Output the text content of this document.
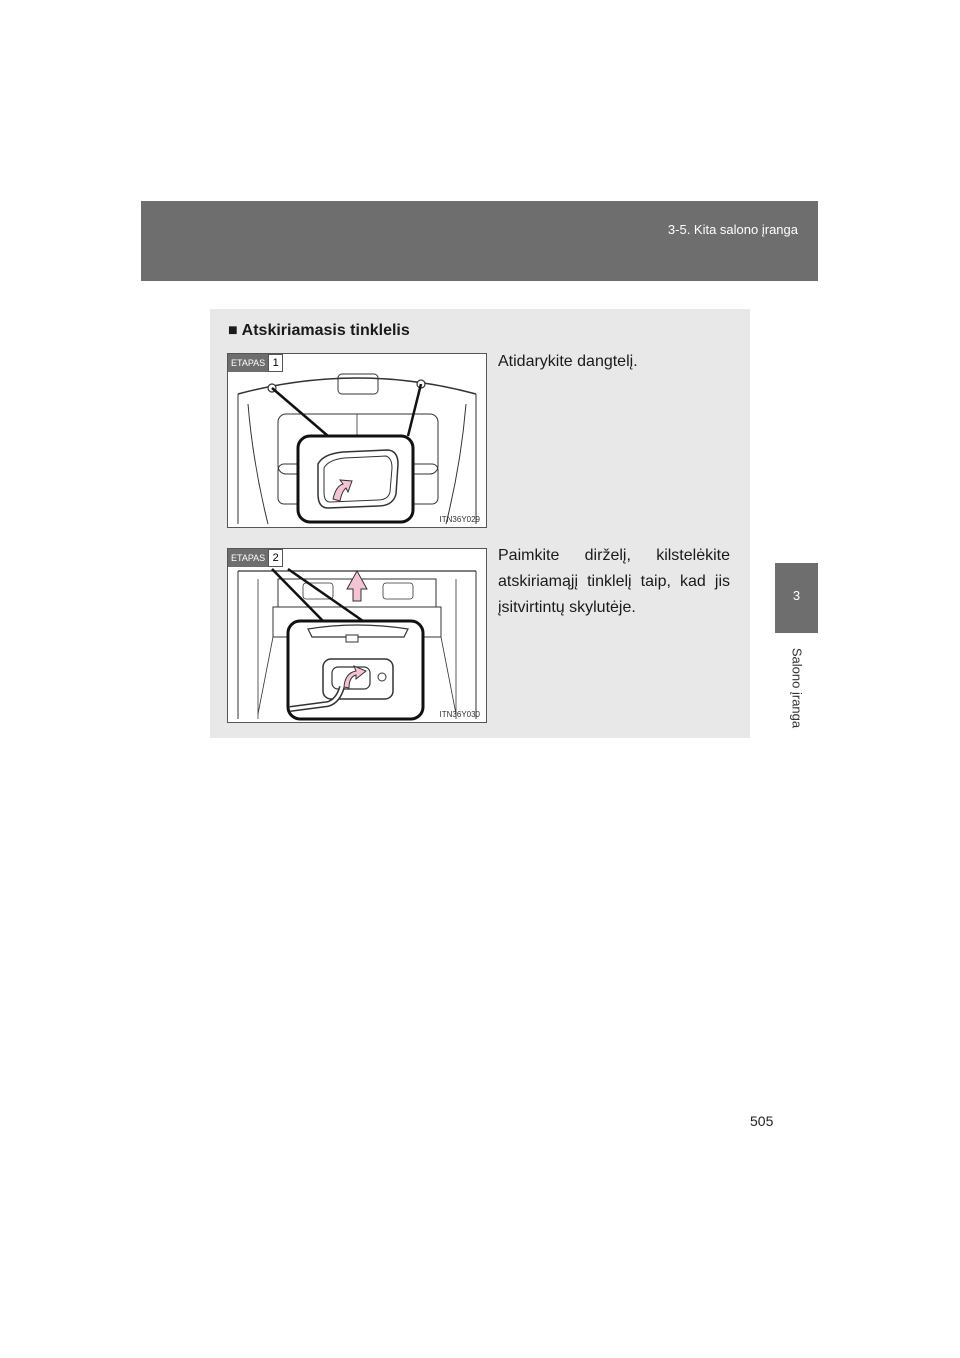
3-5. Kita salono įranga
3
Salono įranga
■ Atskiriamasis tinklelis
ETAPAS 1
ITN36Y029
Atidarykite dangtelį.
ETAPAS 2
ITN36Y030
Paimkite dirželį, kilstelėkite atskiriamąjį tinklelį taip, kad jis įsitvirtintų skylutėje.
505
